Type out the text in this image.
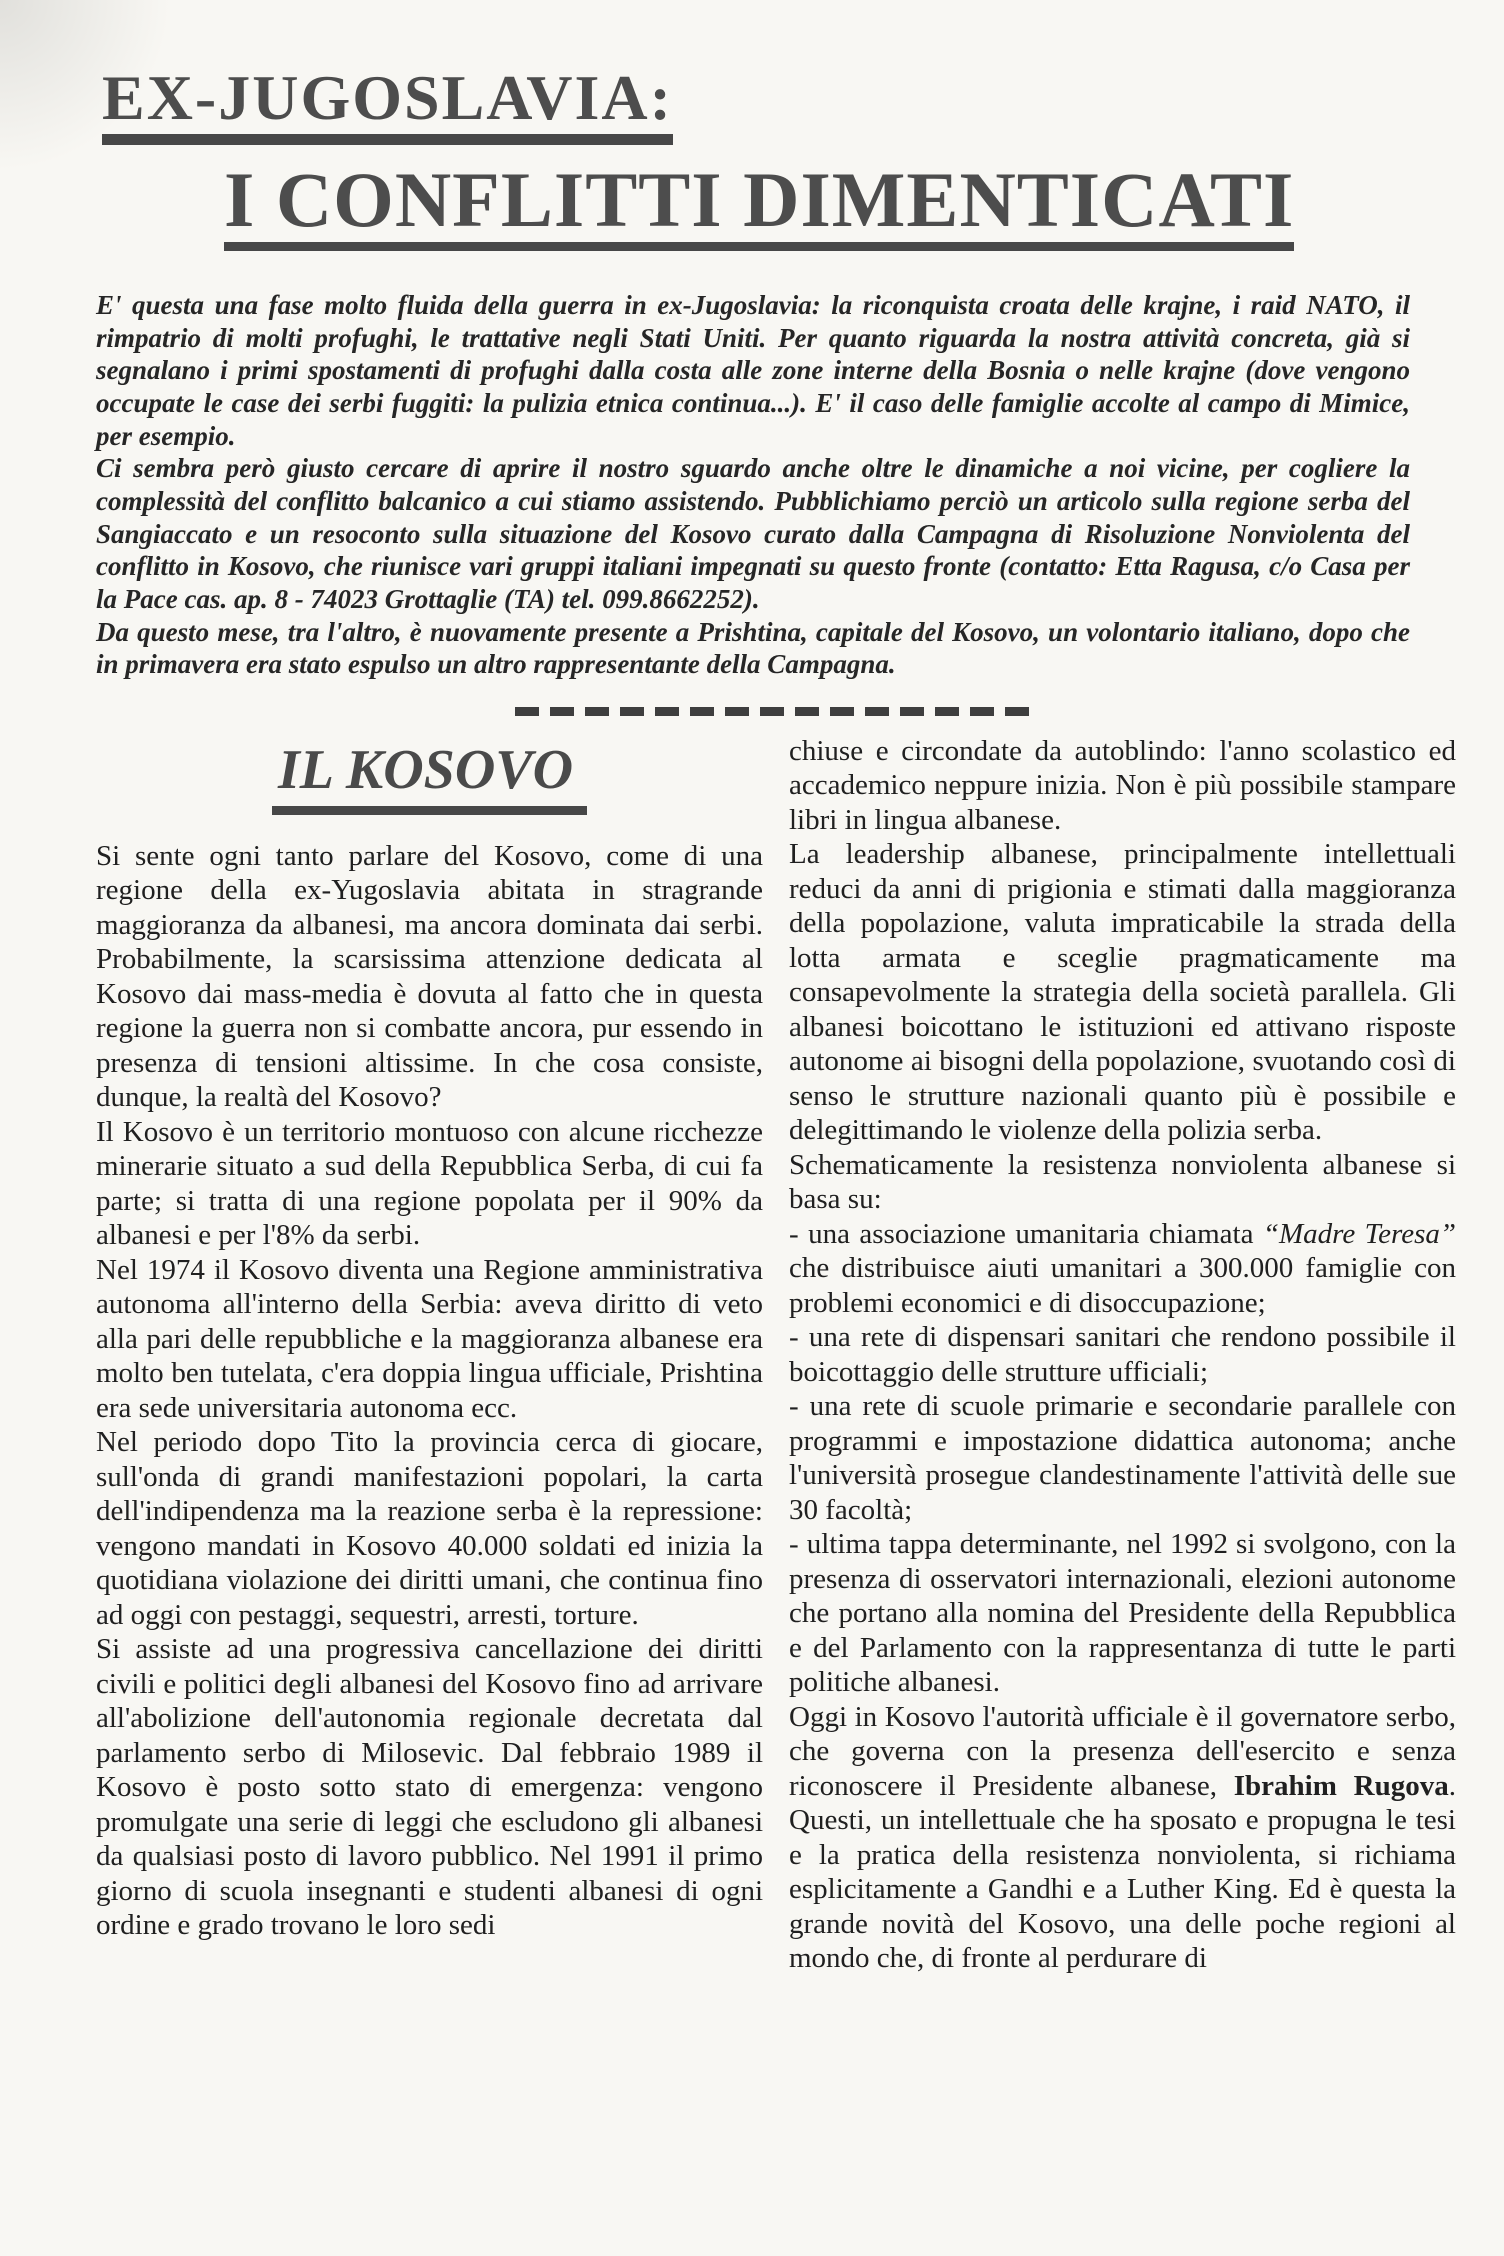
EX-JUGOSLAVIA:
I CONFLITTI DIMENTICATI

E' questa una fase molto fluida della guerra in ex-Jugoslavia: la riconquista croata delle krajne, i raid NATO, il rimpatrio di molti profughi, le trattative negli Stati Uniti. Per quanto riguarda la nostra attività concreta, già si segnalano i primi spostamenti di profughi dalla costa alle zone interne della Bosnia o nelle krajne (dove vengono occupate le case dei serbi fuggiti: la pulizia etnica continua...). E' il caso delle famiglie accolte al campo di Mimice, per esempio.

Ci sembra però giusto cercare di aprire il nostro sguardo anche oltre le dinamiche a noi vicine, per cogliere la complessità del conflitto balcanico a cui stiamo assistendo. Pubblichiamo perciò un articolo sulla regione serba del Sangiaccato e un resoconto sulla situazione del Kosovo curato dalla Campagna di Risoluzione Nonviolenta del conflitto in Kosovo, che riunisce vari gruppi italiani impegnati su questo fronte (contatto: Etta Ragusa, c/o Casa per la Pace cas. ap. 8 - 74023 Grottaglie (TA) tel. 099.8662252).

Da questo mese, tra l'altro, è nuovamente presente a Prishtina, capitale del Kosovo, un volontario italiano, dopo che in primavera era stato espulso un altro rappresentante della Campagna.

IL KOSOVO

Si sente ogni tanto parlare del Kosovo, come di una regione della ex-Yugoslavia abitata in stragrande maggioranza da albanesi, ma ancora dominata dai serbi. Probabilmente, la scarsissima attenzione dedicata al Kosovo dai mass-media è dovuta al fatto che in questa regione la guerra non si combatte ancora, pur essendo in presenza di tensioni altissime. In che cosa consiste, dunque, la realtà del Kosovo?

Il Kosovo è un territorio montuoso con alcune ricchezze minerarie situato a sud della Repubblica Serba, di cui fa parte; si tratta di una regione popolata per il 90% da albanesi e per l'8% da serbi.

Nel 1974 il Kosovo diventa una Regione amministrativa autonoma all'interno della Serbia: aveva diritto di veto alla pari delle repubbliche e la maggioranza albanese era molto ben tutelata, c'era doppia lingua ufficiale, Prishtina era sede universitaria autonoma ecc.

Nel periodo dopo Tito la provincia cerca di giocare, sull'onda di grandi manifestazioni popolari, la carta dell'indipendenza ma la reazione serba è la repressione: vengono mandati in Kosovo 40.000 soldati ed inizia la quotidiana violazione dei diritti umani, che continua fino ad oggi con pestaggi, sequestri, arresti, torture.

Si assiste ad una progressiva cancellazione dei diritti civili e politici degli albanesi del Kosovo fino ad arrivare all'abolizione dell'autonomia regionale decretata dal parlamento serbo di Milosevic. Dal febbraio 1989 il Kosovo è posto sotto stato di emergenza: vengono promulgate una serie di leggi che escludono gli albanesi da qualsiasi posto di lavoro pubblico. Nel 1991 il primo giorno di scuola insegnanti e studenti albanesi di ogni ordine e grado trovano le loro sedi

chiuse e circondate da autoblindo: l'anno scolastico ed accademico neppure inizia. Non è più possibile stampare libri in lingua albanese.

La leadership albanese, principalmente intellettuali reduci da anni di prigionia e stimati dalla maggioranza della popolazione, valuta impraticabile la strada della lotta armata e sceglie pragmaticamente ma consapevolmente la strategia della società parallela. Gli albanesi boicottano le istituzioni ed attivano risposte autonome ai bisogni della popolazione, svuotando così di senso le strutture nazionali quanto più è possibile e delegittimando le violenze della polizia serba.

Schematicamente la resistenza nonviolenta albanese si basa su:

- una associazione umanitaria chiamata “Madre Teresa” che distribuisce aiuti umanitari a 300.000 famiglie con problemi economici e di disoccupazione;

- una rete di dispensari sanitari che rendono possibile il boicottaggio delle strutture ufficiali;

- una rete di scuole primarie e secondarie parallele con programmi e impostazione didattica autonoma; anche l'università prosegue clandestinamente l'attività delle sue 30 facoltà;

- ultima tappa determinante, nel 1992 si svolgono, con la presenza di osservatori internazionali, elezioni autonome che portano alla nomina del Presidente della Repubblica e del Parlamento con la rappresentanza di tutte le parti politiche albanesi.

Oggi in Kosovo l'autorità ufficiale è il governatore serbo, che governa con la presenza dell'esercito e senza riconoscere il Presidente albanese, Ibrahim Rugova. Questi, un intellettuale che ha sposato e propugna le tesi e la pratica della resistenza nonviolenta, si richiama esplicitamente a Gandhi e a Luther King. Ed è questa la grande novità del Kosovo, una delle poche regioni al mondo che, di fronte al perdurare di
